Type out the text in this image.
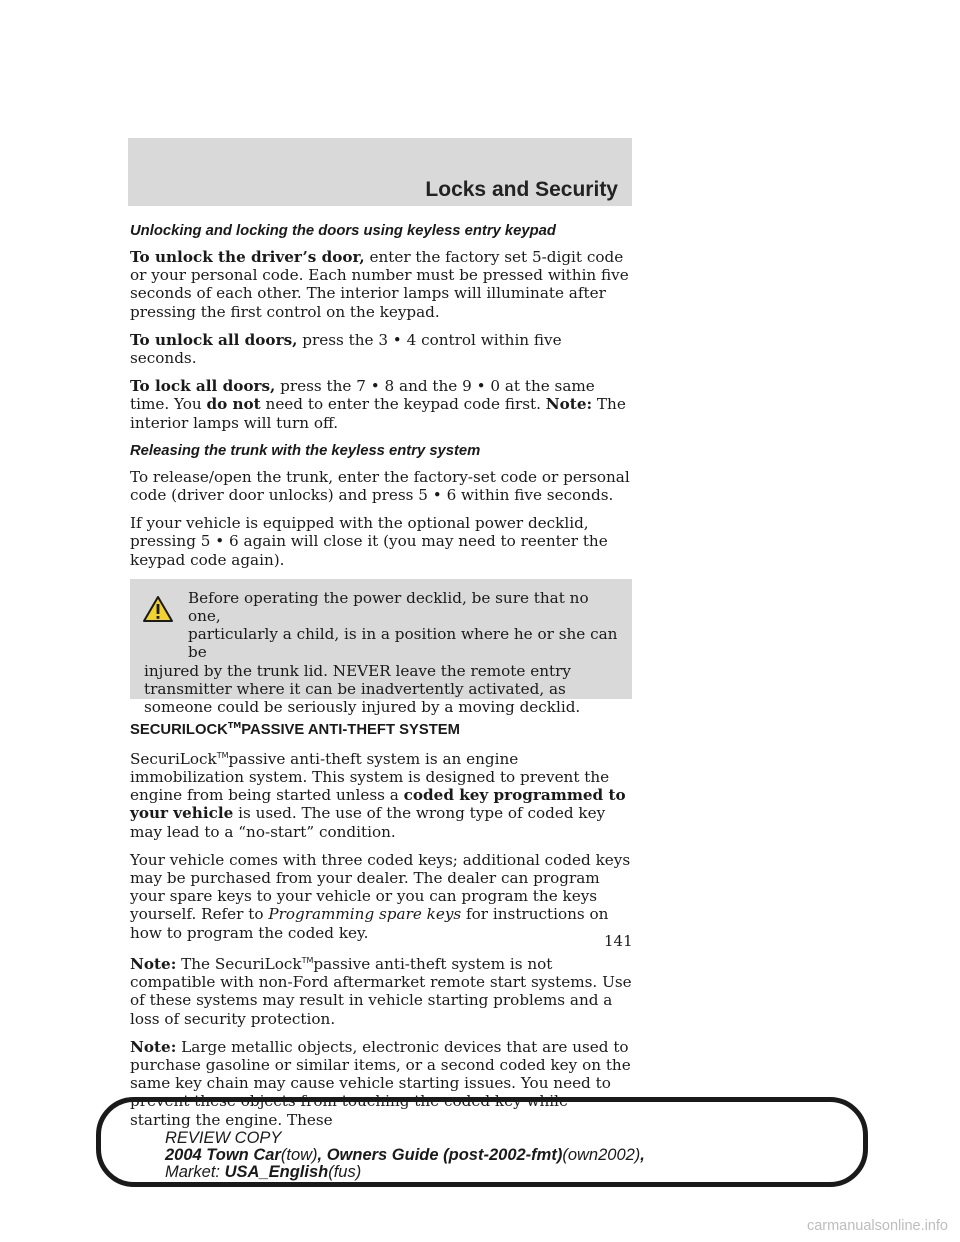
Locks and Security
Unlocking and locking the doors using keyless entry keypad

To unlock the driver’s door, enter the factory set 5-digit code or your personal code. Each number must be pressed within five seconds of each other. The interior lamps will illuminate after pressing the first control on the keypad.

To unlock all doors, press the 3 • 4 control within five seconds.

To lock all doors, press the 7 • 8 and the 9 • 0 at the same time. You do not need to enter the keypad code first. Note: The interior lamps will turn off.

Releasing the trunk with the keyless entry system

To release/open the trunk, enter the factory-set code or personal code (driver door unlocks) and press 5 • 6 within five seconds.

If your vehicle is equipped with the optional power decklid, pressing 5 • 6 again will close it (you may need to reenter the keypad code again).

Before operating the power decklid, be sure that no one,
particularly a child, is in a position where he or she can be
injured by the trunk lid. NEVER leave the remote entry transmitter where it can be inadvertently activated, as someone could be seriously injured by a moving decklid.
SECURILOCK™PASSIVE ANTI-THEFT SYSTEM

SecuriLock™passive anti-theft system is an engine immobilization system. This system is designed to prevent the engine from being started unless a coded key programmed to your vehicle is used. The use of the wrong type of coded key may lead to a “no-start” condition.

Your vehicle comes with three coded keys; additional coded keys may be purchased from your dealer. The dealer can program your spare keys to your vehicle or you can program the keys yourself. Refer to Programming spare keys for instructions on how to program the coded key.

Note: The SecuriLock™passive anti-theft system is not compatible with non-Ford aftermarket remote start systems. Use of these systems may result in vehicle starting problems and a loss of security protection.

Note: Large metallic objects, electronic devices that are used to purchase gasoline or similar items, or a second coded key on the same key chain may cause vehicle starting issues. You need to prevent these objects from touching the coded key while starting the engine. These

141
REVIEW COPY
2004 Town Car(tow), Owners Guide (post-2002-fmt)(own2002),
Market: USA_English(fus)
carmanualsonline.info
